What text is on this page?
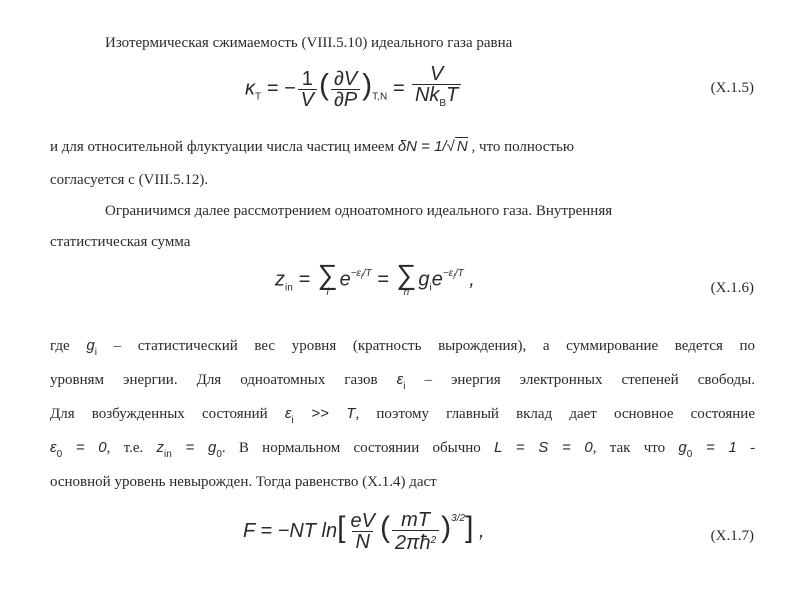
Изотермическая сжимаемость (VIII.5.10) идеального газа равна
$\kappa_T$ = − $\frac{1}{V}$ ( $\frac{\partial V}{\partial P} )_{T,N} = \frac{V}{Nk_BT}$	(X.1.5)
и для относительной флуктуации числа частиц имеем δN = 1/√ N , что полностью
согласуется с (VIII.5.12).
Ограничимся далее рассмотрением одноатомного идеального газа. Внутренняя
статистическая сумма
$z_{in}$ = ∑
i
$e^{-\varepsilon_i/T}$ = ∑
n
$g_ie^{-\varepsilon_i/T}$ ,	(X.1.6)
где $g_i$ – статистический вес уровня (кратность вырождения), а суммирование ведется по
уровням энергии. Для одноатомных газов $\varepsilon_i$ – энергия электронных степеней свободы.
Для возбужденных состояний $\varepsilon_i >> T$, поэтому главный вклад дает основное состояние
$\varepsilon_0 = 0$, т.е. $z_{in} = g_0$. В нормальном состоянии обычно L = S = 0, так что $g_0 = 1$ -
основной уровень невырожден. Тогда равенство (X.1.4) даст
F = −NT $\ln[ \frac{eV}{N}$ ( $\frac{mT}{2\pi ħ^2} )^{3/2}$] ,	(X.1.7)
